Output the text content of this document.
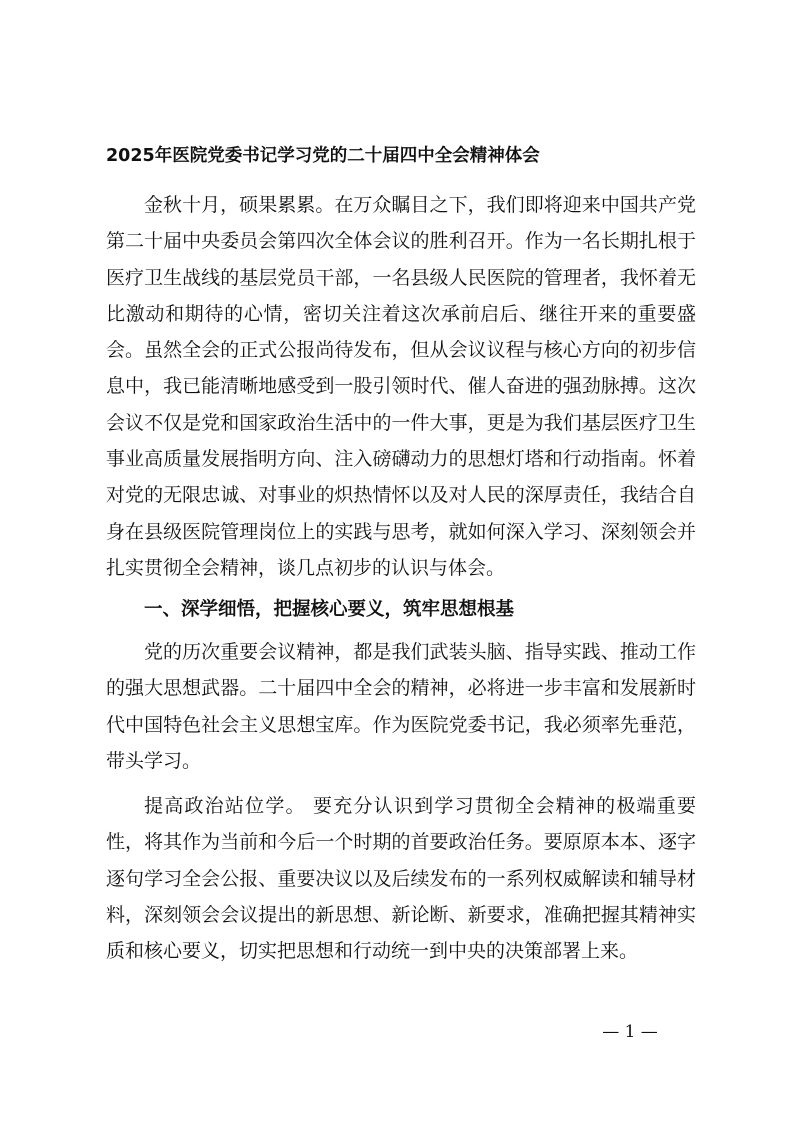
2025年医院党委书记学习党的二十届四中全会精神体会

金秋十月，硕果累累。在万众瞩目之下，我们即将迎来中国共产党第二十届中央委员会第四次全体会议的胜利召开。作为一名长期扎根于医疗卫生战线的基层党员干部，一名县级人民医院的管理者，我怀着无比激动和期待的心情，密切关注着这次承前启后、继往开来的重要盛会。虽然全会的正式公报尚待发布，但从会议议程与核心方向的初步信息中，我已能清晰地感受到一股引领时代、催人奋进的强劲脉搏。这次会议不仅是党和国家政治生活中的一件大事，更是为我们基层医疗卫生事业高质量发展指明方向、注入磅礴动力的思想灯塔和行动指南。怀着对党的无限忠诚、对事业的炽热情怀以及对人民的深厚责任，我结合自身在县级医院管理岗位上的实践与思考，就如何深入学习、深刻领会并扎实贯彻全会精神，谈几点初步的认识与体会。

一、深学细悟，把握核心要义，筑牢思想根基

党的历次重要会议精神，都是我们武装头脑、指导实践、推动工作的强大思想武器。二十届四中全会的精神，必将进一步丰富和发展新时代中国特色社会主义思想宝库。作为医院党委书记，我必须率先垂范，带头学习。

提高政治站位学。 要充分认识到学习贯彻全会精神的极端重要性，将其作为当前和今后一个时期的首要政治任务。要原原本本、逐字逐句学习全会公报、重要决议以及后续发布的一系列权威解读和辅导材料，深刻领会会议提出的新思想、新论断、新要求，准确把握其精神实质和核心要义，切实把思想和行动统一到中央的决策部署上来。

— 1 —
